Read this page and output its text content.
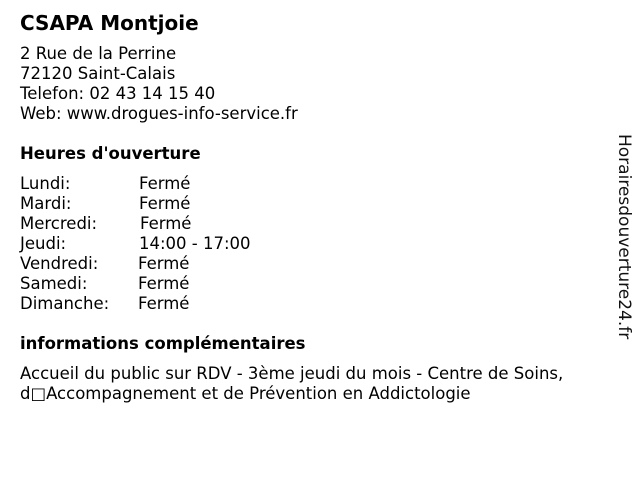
CSAPA Montjoie
2 Rue de la Perrine
72120 Saint-Calais
Telefon: 02 43 14 15 40
Web: www.drogues-info-service.fr
Heures d'ouverture
Lundi:	Fermé
Mardi:	Fermé
Mercredi:	Fermé
Jeudi:	14:00 - 17:00
Vendredi: Fermé
Samedi:	Fermé
Dimanche: Fermé
informations complémentaires
Accueil du public sur RDV - 3ème jeudi du mois - Centre de Soins,
d□Accompagnement et de Prévention en Addictologie
Horairesdouverture24.fr
